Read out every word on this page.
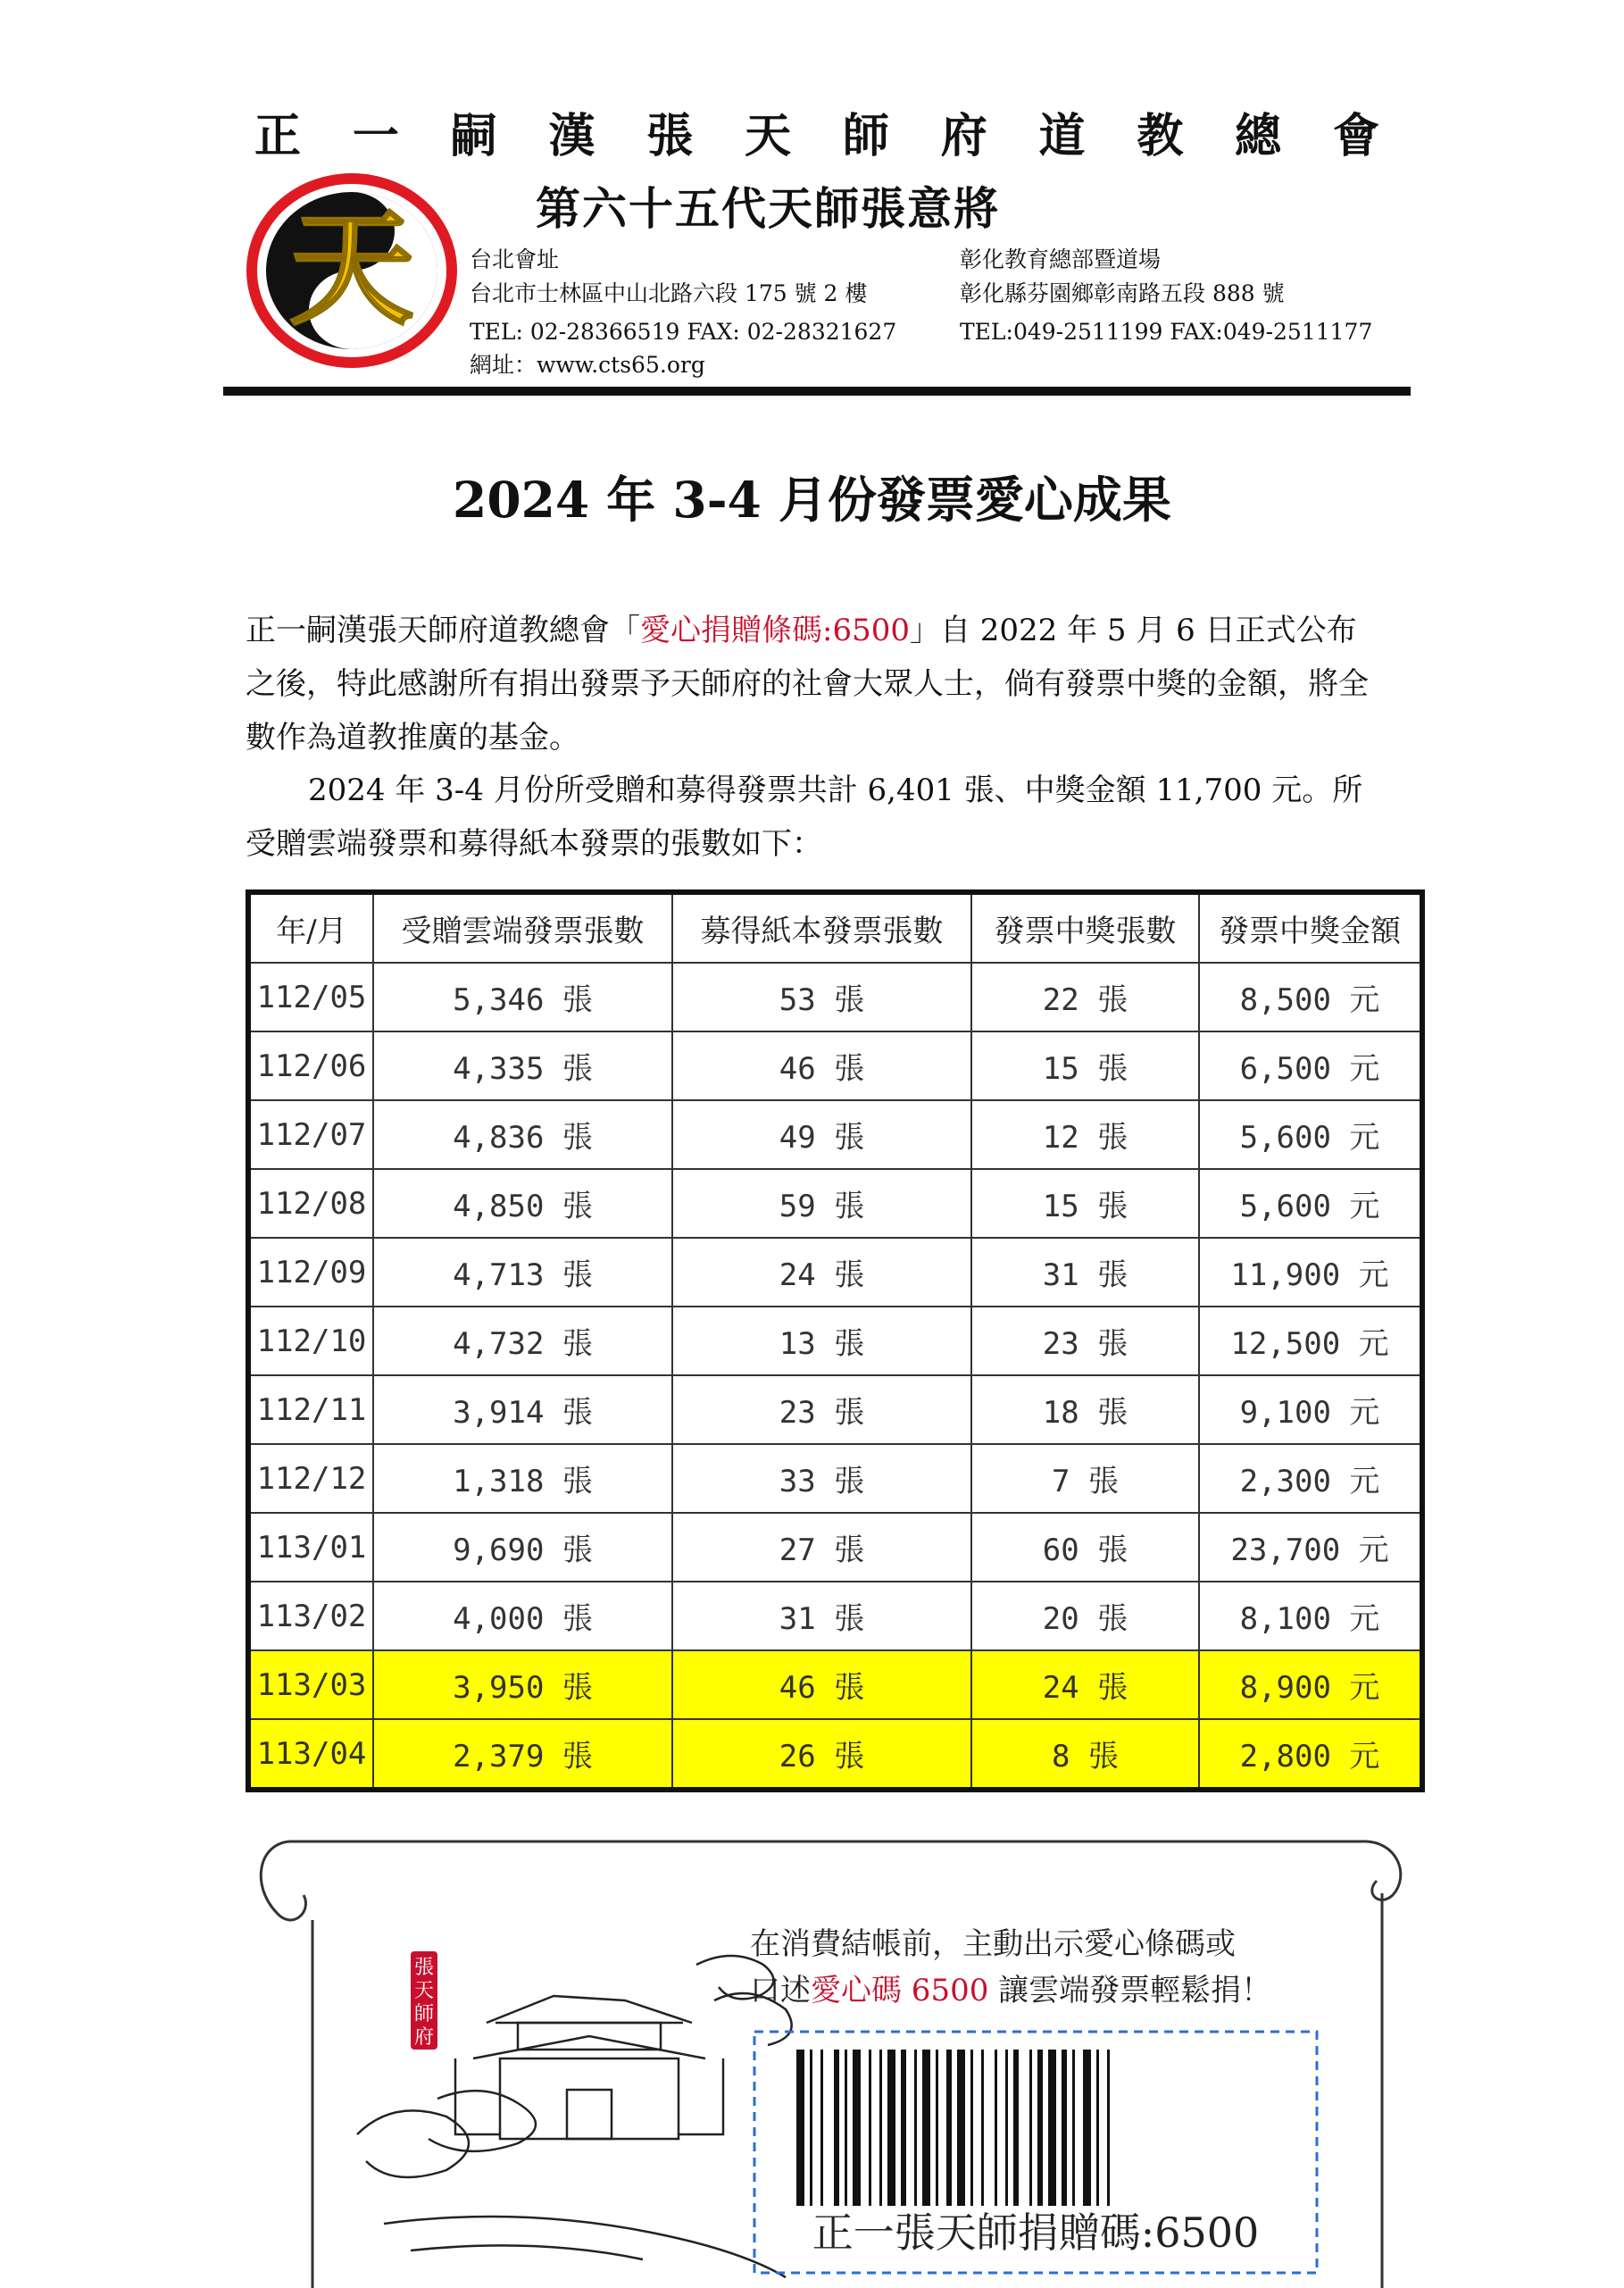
正 一 嗣 漢 張 天 師 府 道 教 總 會
天	第六十五代天師張意將
台北會址	彰化教育總部暨道場
台北市士林區中山北路六段 175 號 2 樓	彰化縣芬園鄉彰南路五段 888 號
TEL: 02-28366519 FAX: 02-28321627	TEL:049-2511199 FAX:049-2511177
網址：www.cts65.org
2024 年 3-4 月份發票愛心成果
正一嗣漢張天師府道教總會「愛心捐贈條碼:6500」自 2022 年 5 月 6 日正式公布之後，特此感謝所有捐出發票予天師府的社會大眾人士，倘有發票中獎的金額，將全數作為道教推廣的基金。
2024 年 3-4 月份所受贈和募得發票共計 6,401 張、中獎金額 11,700 元。所受贈雲端發票和募得紙本發票的張數如下：
年/月	受贈雲端發票張數	募得紙本發票張數	發票中獎張數	發票中獎金額
112/05	5,346 張	53 張	22 張	8,500 元
112/06	4,335 張	46 張	15 張	6,500 元
112/07	4,836 張	49 張	12 張	5,600 元
112/08	4,850 張	59 張	15 張	5,600 元
112/09	4,713 張	24 張	31 張	11,900 元
112/10	4,732 張	13 張	23 張	12,500 元
112/11	3,914 張	23 張	18 張	9,100 元
112/12	1,318 張	33 張	7 張	2,300 元
113/01	9,690 張	27 張	60 張	23,700 元
113/02	4,000 張	31 張	20 張	8,100 元
113/03	3,950 張	46 張	24 張	8,900 元
113/04	2,379 張	26 張	8 張	2,800 元
張天師府
在消費結帳前，主動出示愛心條碼或
口述愛心碼 6500 讓雲端發票輕鬆捐！
正一張天師捐贈碼:6500
